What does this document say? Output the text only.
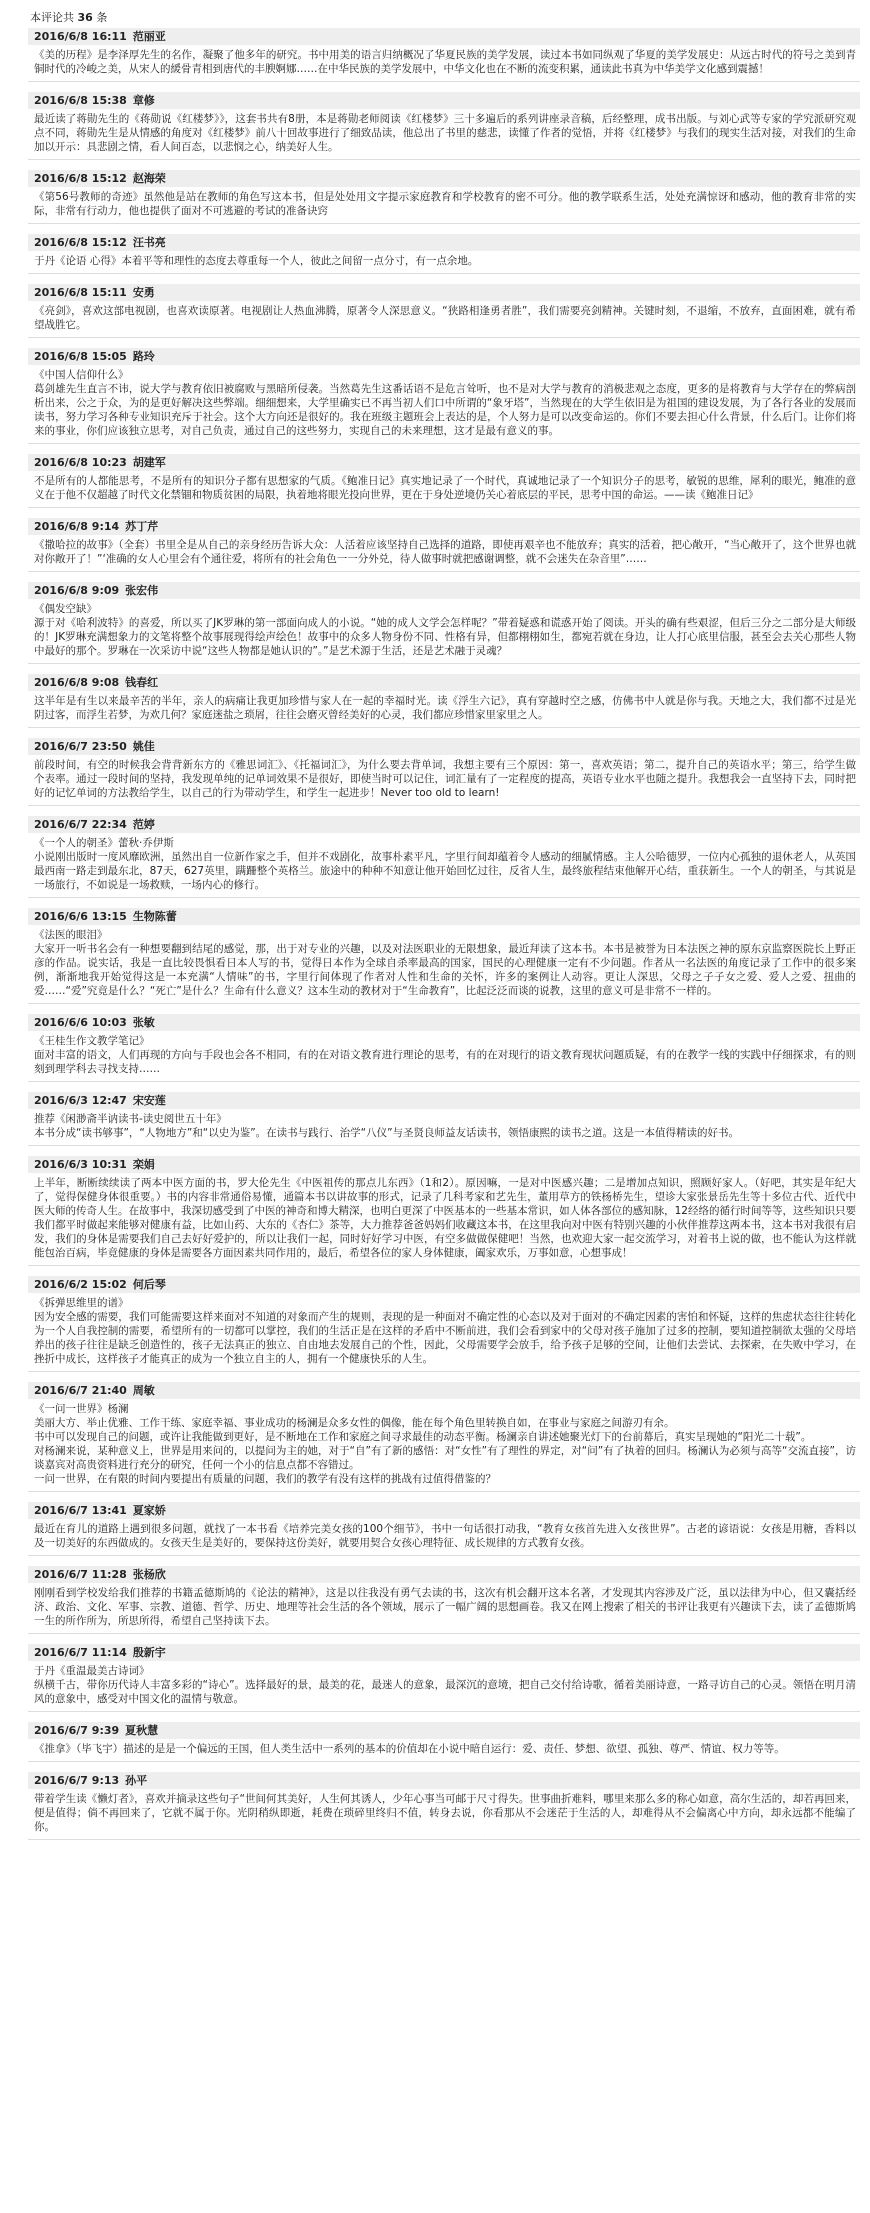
本评论共 36 条
2016/6/8 16:11 范丽亚
《美的历程》是李泽厚先生的名作，凝聚了他多年的研究。书中用美的语言归纳概况了华夏民族的美学发展，读过本书如同纵观了华夏的美学发展史：从远古时代的符号之美到青铜时代的冷峻之美，从宋人的緩骨青相到唐代的丰腴婀娜……在中华民族的美学发展中，中华文化也在不断的流变积累，通读此书真为中华美学文化感到震撼！
2016/6/8 15:38 章修
最近读了蒋勋先生的《蒋勋说《红楼梦》》，这套书共有8册，本是蒋勋老师阅读《红楼梦》三十多遍后的系列讲座录音稿，后经整理，成书出版。与刘心武等专家的学究派研究观点不同，蒋勋先生是从情感的角度对《红楼梦》前八十回故事进行了细致品读，他总出了书里的慈悲，读懂了作者的觉悟，并将《红楼梦》与我们的现实生活对接，对我们的生命加以开示：具悲剧之情，看人间百态，以悲悯之心，纳美好人生。
2016/6/8 15:12 赵海荣
《第56号教师的奇迹》虽然他是站在教师的角色写这本书，但是处处用文字提示家庭教育和学校教育的密不可分。他的教学联系生活，处处充满惊讶和感动，他的教育非常的实际，非常有行动力，他也提供了面对不可逃避的考试的准备诀窍
2016/6/8 15:12 汪书亮
于丹《论语 心得》本着平等和理性的态度去尊重每一个人，彼此之间留一点分寸，有一点余地。
2016/6/8 15:11 安勇
《亮剑》，喜欢这部电视剧，也喜欢读原著。电视剧让人热血沸腾，原著令人深思意义。“狭路相逢勇者胜”，我们需要亮剑精神。关键时刻，不退缩，不放弃，直面困难，就有希望战胜它。
2016/6/8 15:05 路玲
《中国人信仰什么》
葛剑雄先生直言不讳，说大学与教育依旧被腐败与黑暗所侵袭。当然葛先生这番话语不是危言耸听，也不是对大学与教育的消极悲观之态度，更多的是将教育与大学存在的弊病剖析出来，公之于众，为的是更好解决这些弊端。细细想来，大学里确实已不再当初人们口中所谓的“象牙塔”，当然现在的大学生依旧是为祖国的建设发展，为了各行各业的发展而读书，努力学习各种专业知识充斥于社会。这个大方向还是很好的。我在班级主题班会上表达的是，个人努力是可以改变命运的。你们不要去担心什么背景，什么后门。让你们将来的事业，你们应该独立思考，对自己负责，通过自己的这些努力，实现自己的未来理想，这才是最有意义的事。
2016/6/8 10:23 胡建军
不是所有的人都能思考，不是所有的知识分子都有思想家的气质。《鲍准日记》真实地记录了一个时代，真诚地记录了一个知识分子的思考，敏锐的思维，犀利的眼光，鲍准的意义在于他不仅超越了时代文化禁锢和物质贫困的局限，执着地将眼光投向世界，更在于身处逆境仍关心着底层的平民，思考中国的命运。——读《鲍准日记》
2016/6/8 9:14 苏丁芹
《撒哈拉的故事》（全套）书里全是从自己的亲身经历告诉大众：人活着应该坚持自己选择的道路，即使再艰辛也不能放弃；真实的活着，把心敞开，“当心敞开了，这个世界也就对你敞开了！”‘准确的女人心里会有个通往爱，将所有的社会角色一一分外兑，待人做事时就把感谢调整，就不会迷失在杂音里”……
2016/6/8 9:09 张宏伟
《偶发空缺》
源于对《哈利波特》的喜爱，所以买了JK罗琳的第一部面向成人的小说。“她的成人文学会怎样呢？”带着疑惑和谎惑开始了阅读。开头的确有些艰涩，但后三分之二部分是大师级的！JK罗琳充满想象力的文笔将整个故事展现得绘声绘色！故事中的众多人物身份不同、性格有异，但都栩栩如生，都宛若就在身边，让人打心底里信服，甚至会去关心那些人物中最好的那个。罗琳在一次采访中说“这些人物都是她认识的”。”是艺术源于生活，还是艺术融于灵魂？
2016/6/8 9:08 钱春红
这半年是有生以来最辛苦的半年，亲人的病痛让我更加珍惜与家人在一起的幸福时光。读《浮生六记》，真有穿越时空之感，仿佛书中人就是你与我。天地之大，我们都不过是光阴过客，而浮生若梦，为欢几何？家庭迷盐之琐屑，往往会磨灭曾经美好的心灵，我们都应珍惜家里家里之人。
2016/6/7 23:50 姚佳
前段时间，有空的时候我会背背新东方的《雅思词汇》、《托福词汇》，为什么要去背单词，我想主要有三个原因：第一，喜欢英语；第二，提升自己的英语水平；第三，给学生做个表率。通过一段时间的坚持，我发现单纯的记单词效果不是很好，即使当时可以记住，词汇量有了一定程度的提高，英语专业水平也随之提升。我想我会一直坚持下去，同时把好的记忆单词的方法教给学生，以自己的行为带动学生，和学生一起进步！Never too old to learn!
2016/6/7 22:34 范婷
《一个人的朝圣》蕾秋·乔伊斯
小说刚出版时一度风靡欧洲，虽然出自一位新作家之手，但并不戏剧化，故事朴素平凡，字里行间却蕴着令人感动的细腻情感。主人公哈德罗，一位内心孤独的退休老人，从英国最西南一路走到最东北，87天，627英里，蹒跚整个英格兰。旅途中的种种不知意让他开始回忆过往，反省人生，最终旅程结束他解开心结，重获新生。一个人的朝圣，与其说是一场旅行，不如说是一场救赎，一场内心的修行。
2016/6/6 13:15 生物陈蕾
《法医的眼泪》
大家开一听书名会有一种想要翻到结尾的感觉，那，出于对专业的兴趣，以及对法医职业的无限想象，最近拜读了这本书。本书是被誉为日本法医之神的原东京监察医院长上野正彦的作品。说实话，我是一直比较畏惧看日本人写的书，觉得日本作为全球自杀率最高的国家，国民的心理健康一定有不少问题。作者从一名法医的角度记录了工作中的很多案例，渐渐地我开始觉得这是一本充满“人情味”的书，字里行间体现了作者对人性和生命的关怀，许多的案例让人动容。更让人深思，父母之子子女之爱、爱人之爱、扭曲的爱……“爱”究竟是什么？“死亡”是什么？生命有什么意义？这本生动的教材对于“生命教育”，比起泛泛而谈的说教，这里的意义可是非常不一样的。
2016/6/6 10:03 张敏
《王桂生作文教学笔记》
面对丰富的语文，人们再现的方向与手段也会各不相同，有的在对语文教育进行理论的思考，有的在对现行的语文教育现状问题质疑，有的在教学一线的实践中仔细探求，有的则刻到理学科去寻找支持……
2016/6/3 12:47 宋安莲
推荐《闲渺斋半讷读书-读史阅世五十年》
本书分成“读书够事”，“人物地方”和“以史为鉴”。在读书与践行、治学“八仪”与圣贤良师益友话读书，领悟康熙的读书之道。这是一本值得精读的好书。
2016/6/3 10:31 栾娟
上半年，断断续续读了两本中医方面的书，罗大伦先生《中医祖传的那点儿东西》（1和2）。原因嘛，一是对中医感兴趣；二是增加点知识，照顾好家人。（好吧，其实是年纪大了，觉得保健身体很重要。）书的内容非常通俗易懂，通篇本书以讲故事的形式，记录了几科考家和艺先生，董用草方的铁杨桥先生，望诊大家张景岳先生等十多位古代、近代中医大师的传奇人生。在故事中，我深切感受到了中医的神奇和博大精深，也明白更深了中医基本的一些基本常识，如人体各部位的感知脉，12经络的循行时间等等，这些知识只要我们都平时做起来能够对健康有益，比如山药、大东的《杏仁》茶等，大力推荐爸爸妈妈们收藏这本书，在这里我向对中医有特别兴趣的小伙伴推荐这两本书，这本书对我很有启发，我们的身体是需要我们自己去好好爱护的，所以让我们一起，同时好好学习中医，有空多做做保健吧！当然，也欢迎大家一起交流学习，对着书上说的做，也不能认为这样就能包治百病，毕竟健康的身体是需要各方面因素共同作用的，最后，希望各位的家人身体健康，阖家欢乐，万事如意，心想事成！
2016/6/2 15:02 何后琴
《拆弹思维里的谱》
因为安全感的需要，我们可能需要这样来面对不知道的对象而产生的规则，表现的是一种面对不确定性的心态以及对于面对的不确定因素的害怕和怀疑，这样的焦虑状态往往转化为一个人自我控制的需要，希望所有的一切都可以掌控，我们的生活正是在这样的矛盾中不断前进，我们会看到家中的父母对孩子施加了过多的控制，要知道控制欲太强的父母培养出的孩子往往是缺乏创造性的，孩子无法真正的独立、自由地去发展自己的个性，因此，父母需要学会放手，给予孩子足够的空间，让他们去尝试、去探索，在失败中学习，在挫折中成长，这样孩子才能真正的成为一个独立自主的人，拥有一个健康快乐的人生。
2016/6/7 21:40 周敏
《一问一世界》杨澜
美丽大方、举止优雅、工作干练、家庭幸福、事业成功的杨澜是众多女性的偶像，能在每个角色里转换自如，在事业与家庭之间游刃有余。
书中可以发现自己的问题，或许让我能做到更好，是不断地在工作和家庭之间寻求最佳的动态平衡。杨澜亲自讲述她聚光灯下的台前幕后，真实呈现她的“阳光二十载”。
对杨澜来说，某种意义上，世界是用来问的，以提问为主的她，对于“自”有了新的感悟：对“女性”有了理性的界定，对“问”有了执着的回归。杨澜认为必须与高等“交流直接”，访谈嘉宾对高贵资料进行充分的研究，任何一个小的信息点都不容错过。
一问一世界，在有限的时间内要提出有质量的问题，我们的教学有没有这样的挑战有过值得借鉴的？
2016/6/7 13:41 夏家娇
最近在育儿的道路上遇到很多问题，就找了一本书看《培养完美女孩的100个细节》，书中一句话很打动我，“教育女孩首先进入女孩世界”。古老的谚语说：女孩是用糖，香料以及一切美好的东西做成的。女孩天生是美好的，要保持这份美好，就要用契合女孩心理特征、成长规律的方式教育女孩。
2016/6/7 11:28 张杨欣
刚刚看到学校发给我们推荐的书籍孟德斯鸠的《论法的精神》，这是以往我没有勇气去读的书，这次有机会翻开这本名著，才发现其内容涉及广泛，虽以法律为中心，但又囊括经济、政治、文化、军事、宗教、道德、哲学、历史、地理等社会生活的各个领域，展示了一幅广阔的思想画卷。我又在网上搜索了相关的书评让我更有兴趣读下去，读了孟德斯鸠一生的所作所为，所思所得，希望自己坚持读下去。
2016/6/7 11:14 殷新宇
于丹《重温最美古诗词》
纵横千古，带你历代诗人丰富多彩的“诗心”。选择最好的景，最美的花，最迷人的意象，最深沉的意境，把自己交付给诗歌，循着美丽诗意，一路寻访自己的心灵。领悟在明月清风的意象中，感受对中国文化的温情与敬意。
2016/6/7 9:39 夏秋慧
《推拿》（毕飞宇）描述的是是一个偏远的王国，但人类生活中一系列的基本的价值却在小说中暗自运行：爱、责任、梦想、欲望、孤独、尊严、情谊、权力等等。
2016/6/7 9:13 孙平
带着学生读《懒灯者》，喜欢并摘录这些句子“世间何其美好，人生何其诱人，少年心事当可邮于尺寸得失。世事曲折难料，哪里来那么多的称心如意，高尔生活的，却若再回来，便是值得；倘不再回来了，它就不属于你。光阴稍纵即逝，耗费在琐碎里终归不值，转身去说，你看那从不会迷茫于生活的人，却难得从不会偏离心中方向，却永远都不能编了你。
